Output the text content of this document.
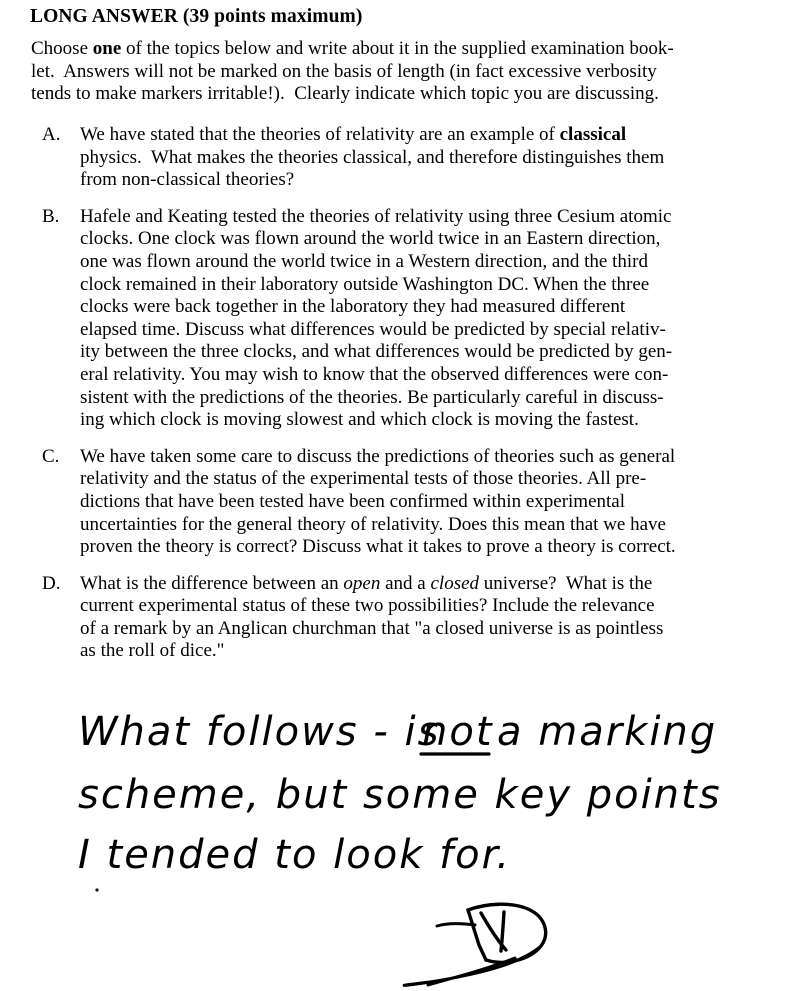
LONG ANSWER (39 points maximum)
Choose one of the topics below and write about it in the supplied examination book-
let.  Answers will not be marked on the basis of length (in fact excessive verbosity
tends to make markers irritable!).  Clearly indicate which topic you are discussing.
A. We have stated that the theories of relativity are an example of classical
physics.  What makes the theories classical, and therefore distinguishes them
from non-classical theories?
B. Hafele and Keating tested the theories of relativity using three Cesium atomic
clocks. One clock was flown around the world twice in an Eastern direction,
one was flown around the world twice in a Western direction, and the third
clock remained in their laboratory outside Washington DC. When the three
clocks were back together in the laboratory they had measured different
elapsed time. Discuss what differences would be predicted by special relativ-
ity between the three clocks, and what differences would be predicted by gen-
eral relativity. You may wish to know that the observed differences were con-
sistent with the predictions of the theories. Be particularly careful in discuss-
ing which clock is moving slowest and which clock is moving the fastest.
C. We have taken some care to discuss the predictions of theories such as general
relativity and the status of the experimental tests of those theories. All pre-
dictions that have been tested have been confirmed within experimental
uncertainties for the general theory of relativity. Does this mean that we have
proven the theory is correct? Discuss what it takes to prove a theory is correct.
D. What is the difference between an open and a closed universe?  What is the
current experimental status of these two possibilities? Include the relevance
of a remark by an Anglican churchman that "a closed universe is as pointless
as the roll of dice."
What follows - is
not a marking
scheme, but some key points
I tended to look for.
